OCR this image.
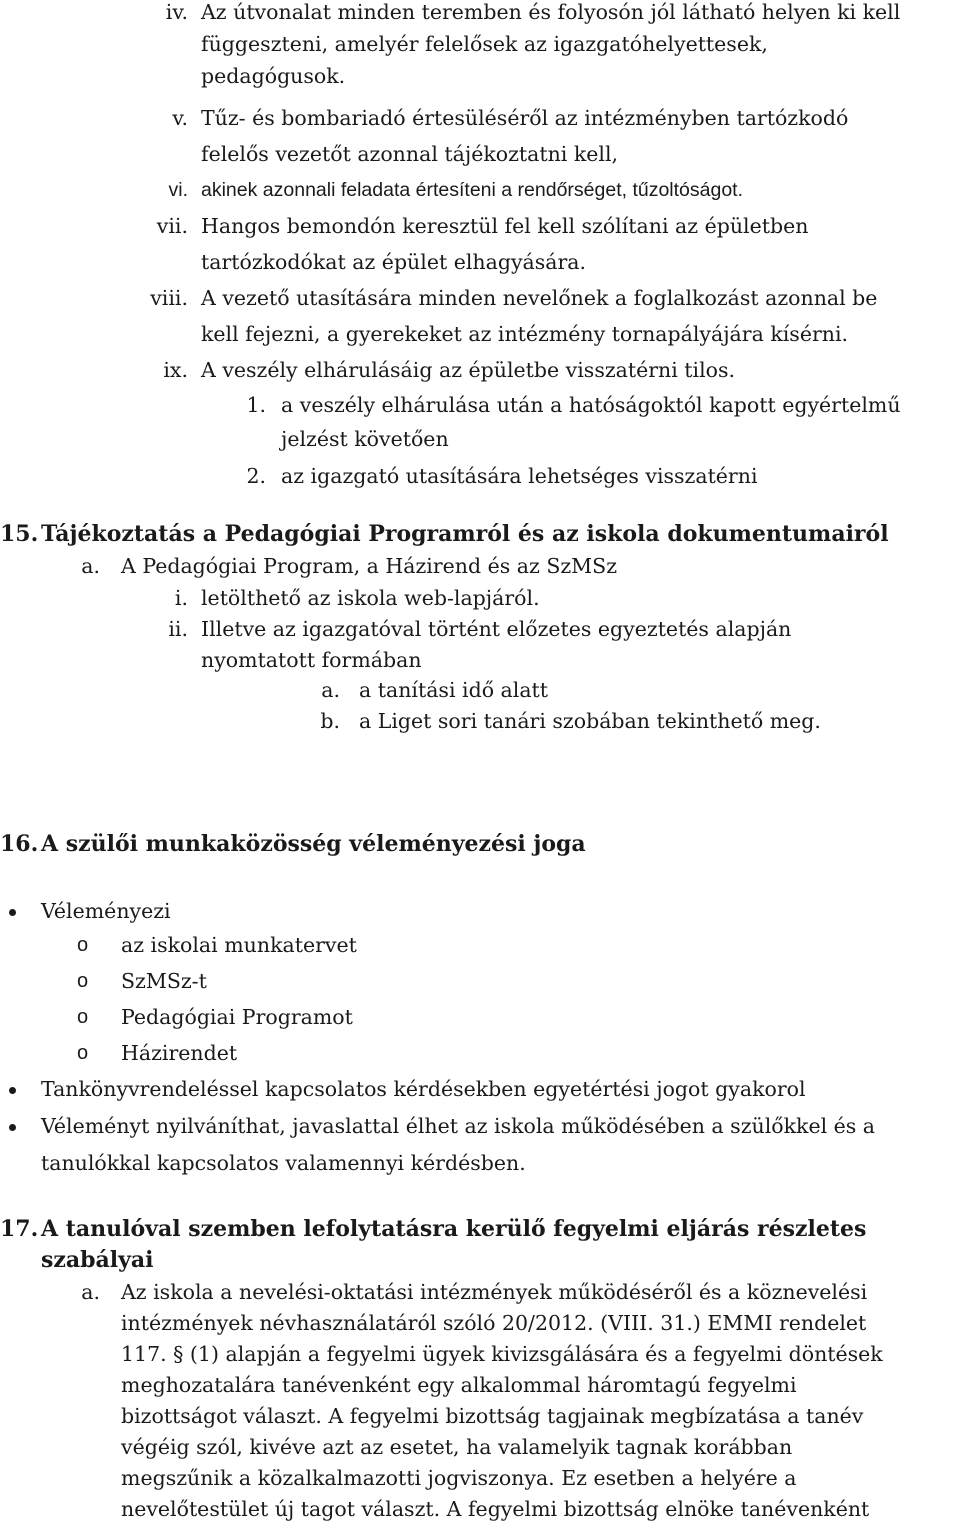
iv. Az útvonalat minden teremben és folyosón jól látható helyen ki kell
függeszteni, amelyér felelősek az igazgatóhelyettesek,
pedagógusok.
v. Tűz- és bombariadó értesüléséről az intézményben tartózkodó
felelős vezetőt azonnal tájékoztatni kell,
vi. akinek azonnali feladata értesíteni a rendőrséget, tűzoltóságot.
vii. Hangos bemondón keresztül fel kell szólítani az épületben
tartózkodókat az épület elhagyására.
viii. A vezető utasítására minden nevelőnek a foglalkozást azonnal be
kell fejezni, a gyerekeket az intézmény tornapályájára kísérni.
ix. A veszély elhárulásáig az épületbe visszatérni tilos.
1. a veszély elhárulása után a hatóságoktól kapott egyértelmű
jelzést követően
2. az igazgató utasítására lehetséges visszatérni
15. Tájékoztatás a Pedagógiai Programról és az iskola dokumentumairól
a. A Pedagógiai Program, a Házirend és az SzMSz
i. letölthető az iskola web-lapjáról.
ii. Illetve az igazgatóval történt előzetes egyeztetés alapján
nyomtatott formában
a. a tanítási idő alatt
b. a Liget sori tanári szobában tekinthető meg.
16. A szülői munkaközösség véleményezési joga
Véleményezi
o az iskolai munkatervet
o SzMSz-t
o Pedagógiai Programot
o Házirendet
Tankönyvrendeléssel kapcsolatos kérdésekben egyetértési jogot gyakorol
Véleményt nyilváníthat, javaslattal élhet az iskola működésében a szülőkkel és a
tanulókkal kapcsolatos valamennyi kérdésben.
17. A tanulóval szemben lefolytatásra kerülő fegyelmi eljárás részletes
szabályai
a. Az iskola a nevelési-oktatási intézmények működéséről és a köznevelési
intézmények névhasználatáról szóló 20/2012. (VIII. 31.) EMMI rendelet
117. § (1) alapján a fegyelmi ügyek kivizsgálására és a fegyelmi döntések
meghozatalára tanévenként egy alkalommal háromtagú fegyelmi
bizottságot választ. A fegyelmi bizottság tagjainak megbízatása a tanév
végéig szól, kivéve azt az esetet, ha valamelyik tagnak korábban
megszűnik a közalkalmazotti jogviszonya. Ez esetben a helyére a
nevelőtestület új tagot választ. A fegyelmi bizottság elnöke tanévenként
